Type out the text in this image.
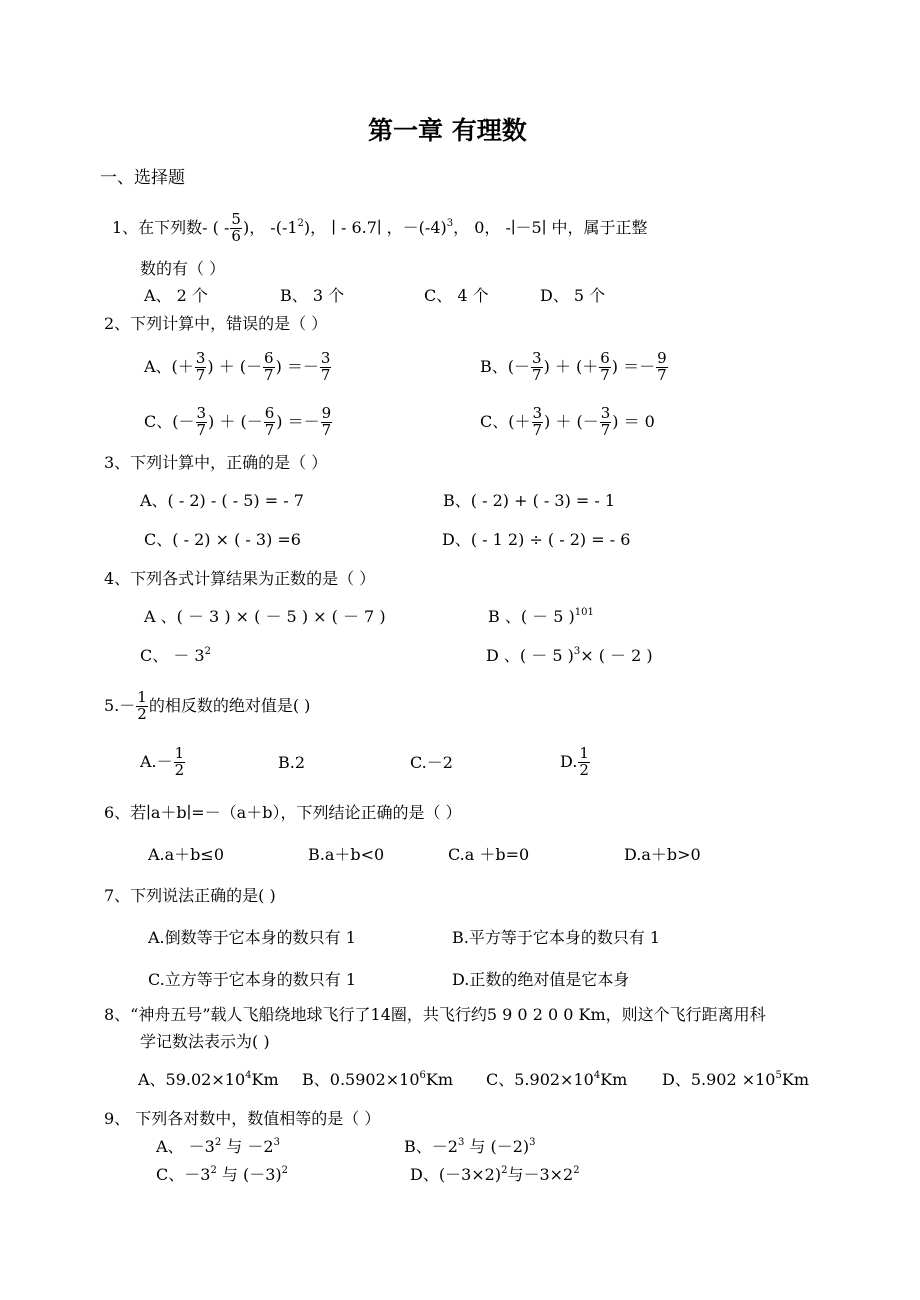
第一章 有理数
一、选择题
1、在下列数- ( - $\frac{5}{6}$ )， $-(-1^2)$， ∣ - 6.7∣ ，$-(-4)^3$， 0， -∣－5∣ 中，属于正整
数的有（ ）
A、 2 个	B、 3 个	C、 4 个	D、 5 个
2、下列计算中，错误的是（ ）
A、(＋ $\frac{3}{7}$ ) ＋ (－ $\frac{6}{7}$ ) ＝－ $\frac{3}{7}$	B、(－ $\frac{3}{7}$ ) ＋ (＋ $\frac{6}{7}$ ) ＝－ $\frac{9}{7}$
C、(－ $\frac{3}{7}$ ) ＋ (－ $\frac{6}{7}$ ) ＝－ $\frac{9}{7}$	C、(＋ $\frac{3}{7}$ ) ＋ (－ $\frac{3}{7}$ ) ＝ 0
3、下列计算中，正确的是（ ）
A、( - 2) - ( - 5) = - 7	B、( - 2) + ( - 3) = - 1
C、( - 2) × ( - 3) =6	D、( - 1 2) ÷ ( - 2) = - 6
4、下列各式计算结果为正数的是（ ）
A 、( － 3 ) × ( － 5 ) × ( － 7 )	B 、( － 5 )$^{101}$
C、 － $3^2$	D 、( － 5 )$^3$× ( － 2 )
$5.- \frac{1}{2}$ 的相反数的绝对值是( )
$A.- \frac{1}{2}$	B.2	C.－2	D. $\frac{1}{2}$
6、若∣a＋b∣=－（a＋b），下列结论正确的是（ ）
A.a＋b≤0	B.a＋b<0	C.a ＋b=0	D.a＋b>0
7、下列说法正确的是( )
A.倒数等于它本身的数只有 1	B.平方等于它本身的数只有 1
C.立方等于它本身的数只有 1	D.正数的绝对值是它本身
8、“神舟五号”载人飞船绕地球飞行了14圈，共飞行约5 9 0 2 0 0 Km，则这个飞行距离用科
学记数法表示为( )
A、$59.02\times 10^4Km$ B、$0.5902\times 10^6Km$ C、$5.902\times 10^4Km$ D、$5.902 \times 10^5Km$
9、 下列各对数中，数值相等的是（ ）
A、 $-3^2$ 与 $-2^3$	B、$-2^3$ 与 $(-2)^3$
C、$-3^2$ 与 $(-3)^2$	D、$(-3\times 2)^2$与$-3\times 2^2$
